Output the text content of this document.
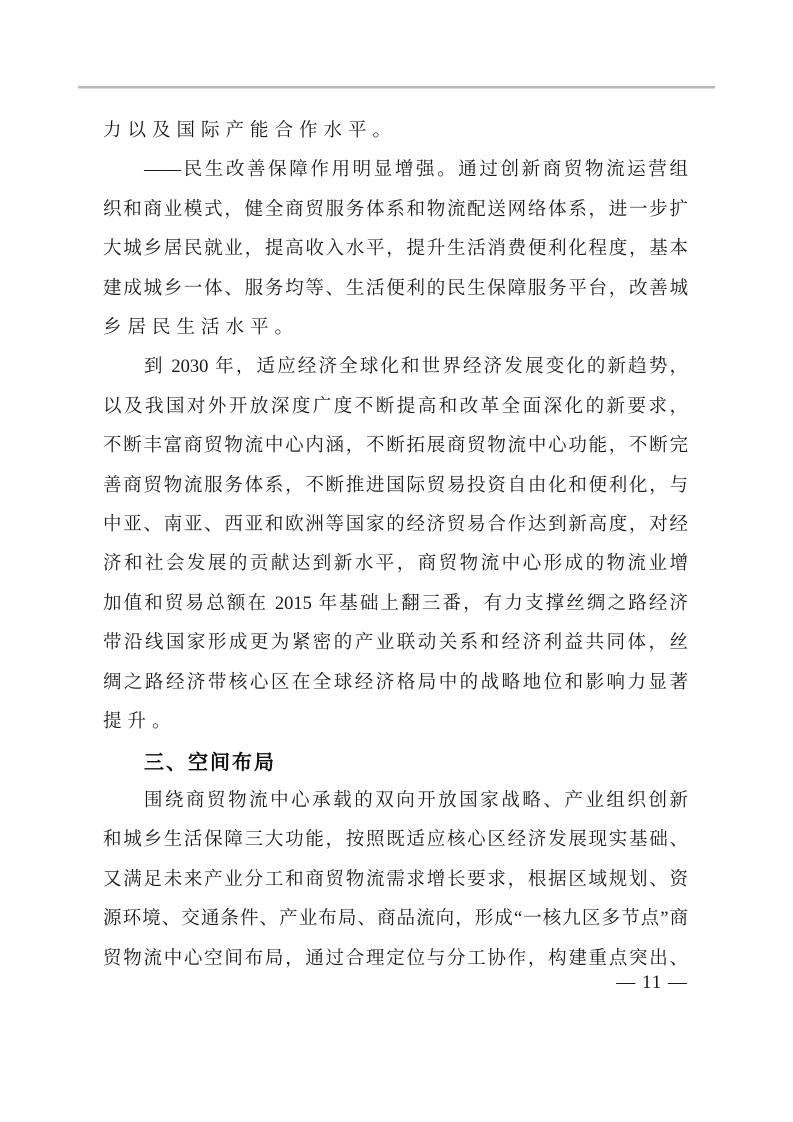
力以及国际产能合作水平。
——民生改善保障作用明显增强。通过创新商贸物流运营组
织和商业模式，健全商贸服务体系和物流配送网络体系，进一步扩
大城乡居民就业，提高收入水平，提升生活消费便利化程度，基本
建成城乡一体、服务均等、生活便利的民生保障服务平台，改善城
乡居民生活水平。
到 2030 年，适应经济全球化和世界经济发展变化的新趋势，
以及我国对外开放深度广度不断提高和改革全面深化的新要求，
不断丰富商贸物流中心内涵，不断拓展商贸物流中心功能，不断完
善商贸物流服务体系，不断推进国际贸易投资自由化和便利化，与
中亚、南亚、西亚和欧洲等国家的经济贸易合作达到新高度，对经
济和社会发展的贡献达到新水平，商贸物流中心形成的物流业增
加值和贸易总额在 2015 年基础上翻三番，有力支撑丝绸之路经济
带沿线国家形成更为紧密的产业联动关系和经济利益共同体，丝
绸之路经济带核心区在全球经济格局中的战略地位和影响力显著
提升。
三、空间布局
围绕商贸物流中心承载的双向开放国家战略、产业组织创新
和城乡生活保障三大功能，按照既适应核心区经济发展现实基础、
又满足未来产业分工和商贸物流需求增长要求，根据区域规划、资
源环境、交通条件、产业布局、商品流向，形成“一核九区多节点”商
贸物流中心空间布局，通过合理定位与分工协作，构建重点突出、
— 11 —
